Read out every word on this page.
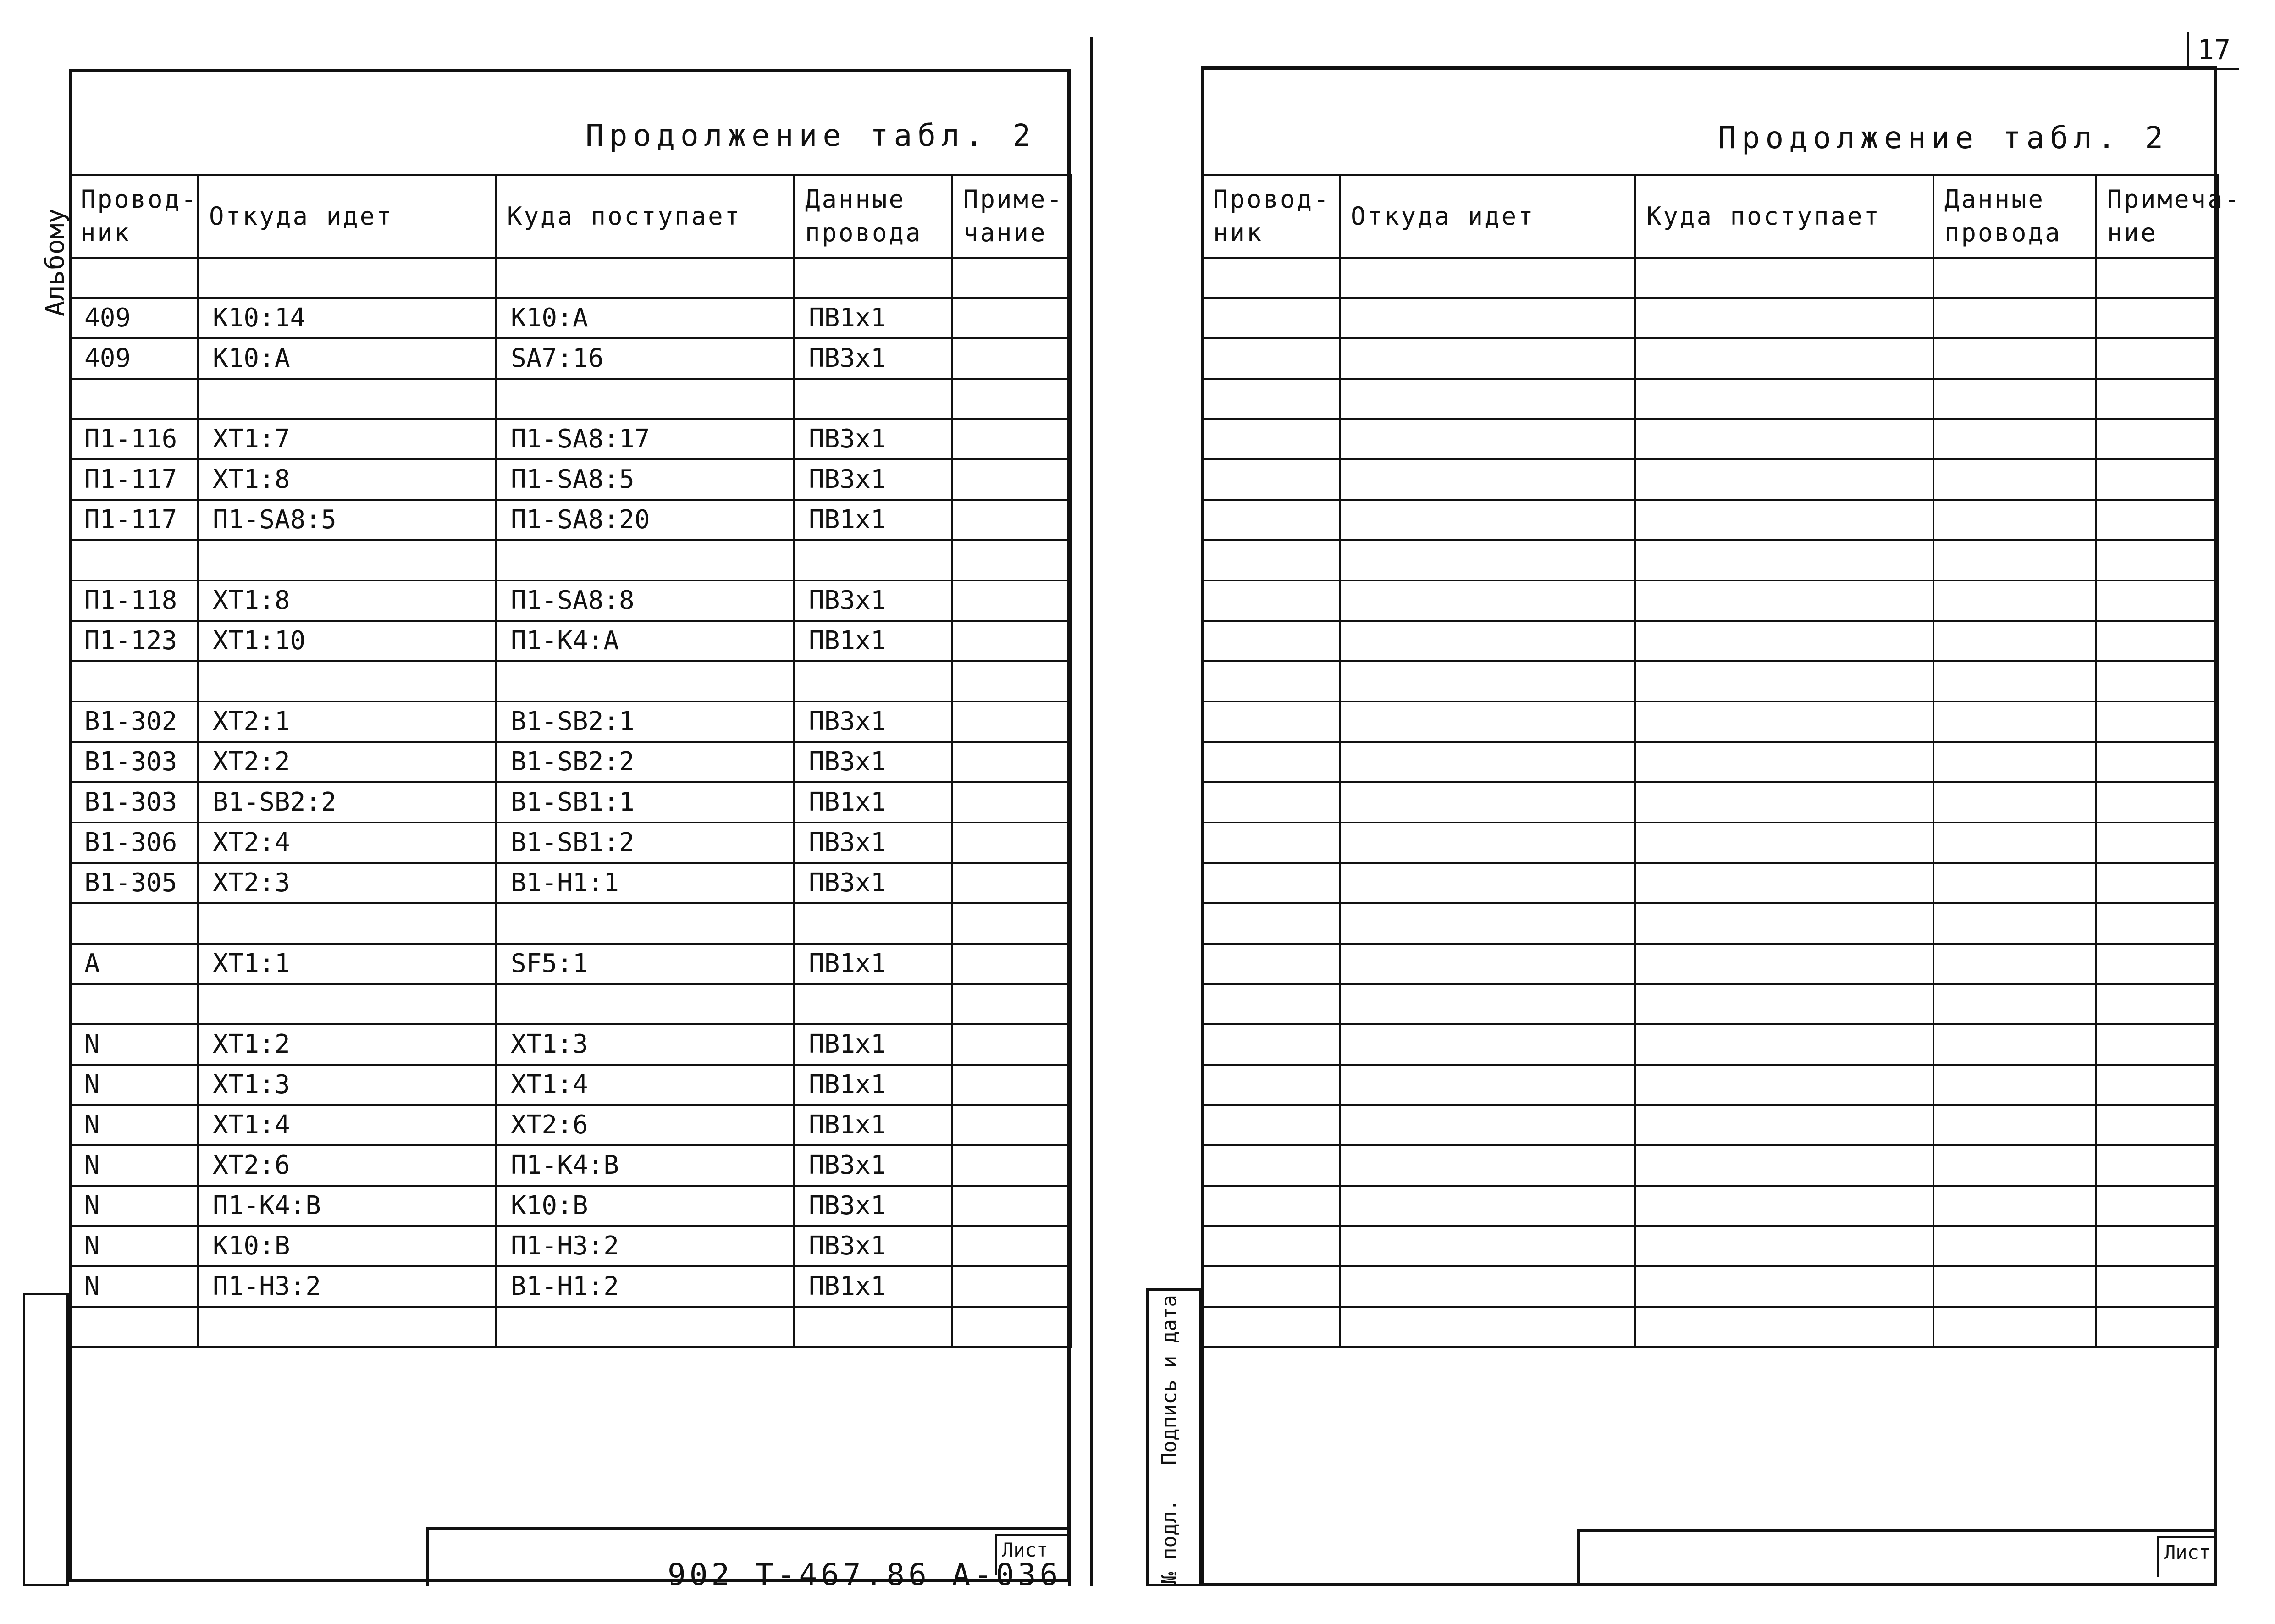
17
Продолжение табл. 2
Альбому
Провод- ник	Откуда идет	Куда поступает	Данные провода	Приме- чание

409	K10:14	K10:A	ПВ1x1	
409	K10:A	SA7:16	ПВ3x1	

П1-116	XT1:7	П1-SA8:17	ПВ3x1	
П1-117	XT1:8	П1-SA8:5	ПВ3x1	
П1-117	П1-SA8:5	П1-SA8:20	ПВ1x1	

П1-118	XT1:8	П1-SA8:8	ПВ3x1	
П1-123	XT1:10	П1-K4:A	ПВ1x1	

B1-302	XT2:1	B1-SB2:1	ПВ3x1	
B1-303	XT2:2	B1-SB2:2	ПВ3x1	
B1-303	B1-SB2:2	B1-SB1:1	ПВ1x1	
B1-306	XT2:4	B1-SB1:2	ПВ3x1	
B1-305	XT2:3	B1-H1:1	ПВ3x1	

A	XT1:1	SF5:1	ПВ1x1	

N	XT1:2	XT1:3	ПВ1x1	
N	XT1:3	XT1:4	ПВ1x1	
N	XT1:4	XT2:6	ПВ1x1	
N	XT2:6	П1-K4:B	ПВ3x1	
N	П1-K4:B	K10:B	ПВ3x1	
N	K10:B	П1-H3:2	ПВ3x1	
N	П1-H3:2	B1-H1:2	ПВ1x1	

902 Т-467.86 А-036
Лист
Продолжение табл. 2
Провод- ник	Откуда идет	Куда поступает	Данные провода	Примеча- ние

Подпись и дата
№ подл.	Лист
